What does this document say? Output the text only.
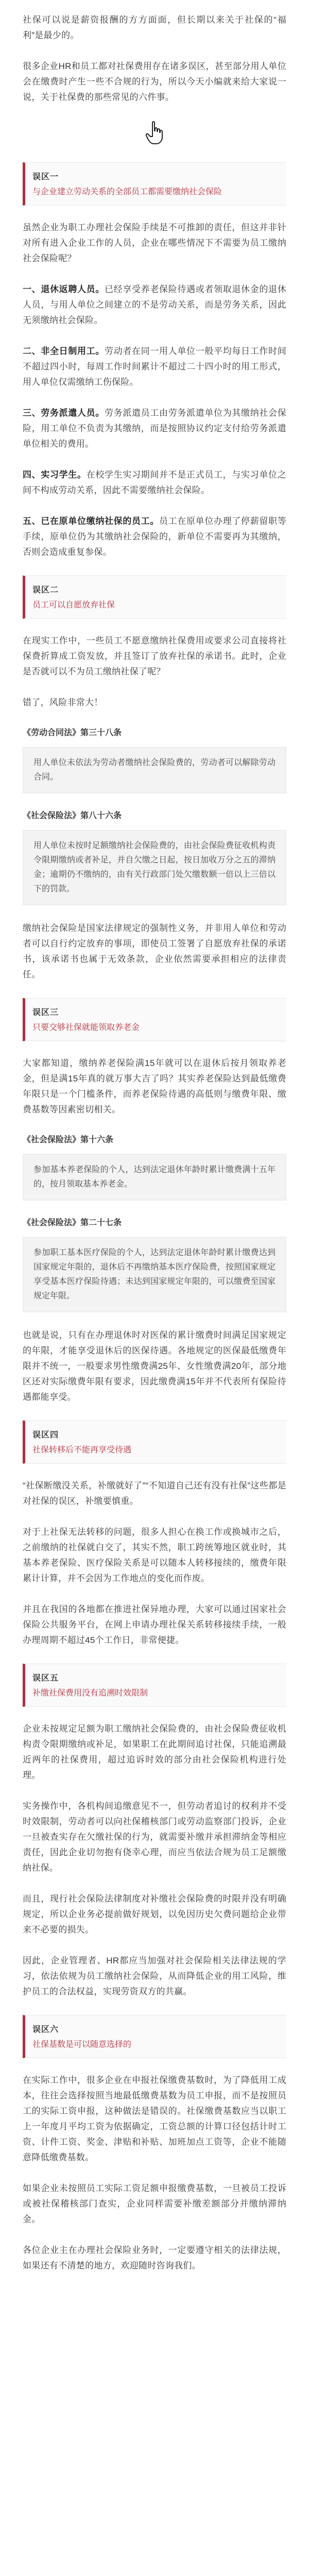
社保可以说是薪资报酬的方方面面，但长期以来关于社保的“福利”是最少的。

很多企业HR和员工都对社保费用存在诸多误区，甚至部分用人单位会在缴费时产生一些不合规的行为，所以今天小编就来给大家说一说，关于社保费的那些常见的六件事。

误区一
与企业建立劳动关系的全部员工都需要缴纳社会保险

虽然企业为职工办理社会保险手续是不可推卸的责任，但这并非针对所有进入企业工作的人员，企业在哪些情况下不需要为员工缴纳社会保险呢？

一、退休返聘人员。已经享受养老保险待遇或者领取退休金的退休人员，与用人单位之间建立的不是劳动关系，而是劳务关系，因此无须缴纳社会保险。

二、非全日制用工。劳动者在同一用人单位一般平均每日工作时间不超过四小时，每周工作时间累计不超过二十四小时的用工形式，用人单位仅需缴纳工伤保险。

三、劳务派遣人员。劳务派遣员工由劳务派遣单位为其缴纳社会保险，用工单位不负责为其缴纳，而是按照协议约定支付给劳务派遣单位相关的费用。

四、实习学生。在校学生实习期间并不是正式员工，与实习单位之间不构成劳动关系，因此不需要缴纳社会保险。

五、已在原单位缴纳社保的员工。员工在原单位办理了停薪留职等手续，原单位仍为其缴纳社会保险的，新单位不需要再为其缴纳，否则会造成重复参保。

误区二
员工可以自愿放弃社保

在现实工作中，一些员工不愿意缴纳社保费用或要求公司直接将社保费折算成工资发放，并且签订了放弃社保的承诺书。此时，企业是否就可以不为员工缴纳社保了呢？

错了，风险非常大！

《劳动合同法》第三十八条
用人单位未依法为劳动者缴纳社会保险费的，劳动者可以解除劳动合同。
《社会保险法》第八十六条
用人单位未按时足额缴纳社会保险费的，由社会保险费征收机构责令限期缴纳或者补足，并自欠缴之日起，按日加收万分之五的滞纳金；逾期仍不缴纳的，由有关行政部门处欠缴数额一倍以上三倍以下的罚款。

缴纳社会保险是国家法律规定的强制性义务，并非用人单位和劳动者可以自行约定放弃的事项，即使员工签署了自愿放弃社保的承诺书，该承诺书也属于无效条款，企业依然需要承担相应的法律责任。

误区三
只要交够社保就能领取养老金

大家都知道，缴纳养老保险满15年就可以在退休后按月领取养老金，但是满15年真的就万事大吉了吗？其实养老保险达到最低缴费年限只是一个门槛条件，而养老保险待遇的高低则与缴费年限、缴费基数等因素密切相关。

《社会保险法》第十六条
参加基本养老保险的个人，达到法定退休年龄时累计缴费满十五年的，按月领取基本养老金。
《社会保险法》第二十七条
参加职工基本医疗保险的个人，达到法定退休年龄时累计缴费达到国家规定年限的，退休后不再缴纳基本医疗保险费，按照国家规定享受基本医疗保险待遇；未达到国家规定年限的，可以缴费至国家规定年限。

也就是说，只有在办理退休时对医保的累计缴费时间满足国家规定的年限，才能享受退休后的医保待遇。各地规定的医保最低缴费年限并不统一，一般要求男性缴费满25年、女性缴费满20年，部分地区还对实际缴费年限有要求，因此缴费满15年并不代表所有保险待遇都能享受。

误区四
社保转移后不能再享受待遇

“社保断缴没关系，补缴就好了”“不知道自己还有没有社保”这些都是对社保的误区，补缴要慎重。

对于上社保无法转移的问题，很多人担心在换工作或换城市之后，之前缴纳的社保就白交了，其实不然，职工跨统筹地区就业时，其基本养老保险、医疗保险关系是可以随本人转移接续的，缴费年限累计计算，并不会因为工作地点的变化而作废。

并且在我国的各地都在推进社保异地办理，大家可以通过国家社会保险公共服务平台，在网上申请办理社保关系转移接续手续，一般办理周期不超过45个工作日，非常便捷。

误区五
补缴社保费用没有追溯时效限制

企业未按规定足额为职工缴纳社会保险费的，由社会保险费征收机构责令限期缴纳或补足，如果职工在此期间追讨社保，只能追溯最近两年的社保费用，超过追诉时效的部分由社会保险机构进行处理。

实务操作中，各机构间追缴意见不一，但劳动者追讨的权利并不受时效限制，劳动者可以向社保稽核部门或劳动监察部门投诉，企业一旦被查实存在欠缴社保的行为，就需要补缴并承担滞纳金等相应责任，因此企业切勿抱有侥幸心理，而应当依法合规为员工足额缴纳社保。

而且，现行社会保险法律制度对补缴社会保险费的时限并没有明确规定，所以企业务必提前做好规划，以免因历史欠费问题给企业带来不必要的损失。

因此，企业管理者、HR都应当加强对社会保险相关法律法规的学习，依法依规为员工缴纳社会保险，从而降低企业的用工风险，维护员工的合法权益，实现劳资双方的共赢。

误区六
社保基数是可以随意选择的

在实际工作中，很多企业在申报社保缴费基数时，为了降低用工成本，往往会选择按照当地最低缴费基数为员工申报，而不是按照员工的实际工资申报，这种做法是错误的。社保缴费基数应当以职工上一年度月平均工资为依据确定，工资总额的计算口径包括计时工资、计件工资、奖金、津贴和补贴、加班加点工资等，企业不能随意降低缴费基数。

如果企业未按照员工实际工资足额申报缴费基数，一旦被员工投诉或被社保稽核部门查实，企业同样需要补缴差额部分并缴纳滞纳金。

各位企业主在办理社会保险业务时，一定要遵守相关的法律法规，如果还有不清楚的地方，欢迎随时咨询我们。
